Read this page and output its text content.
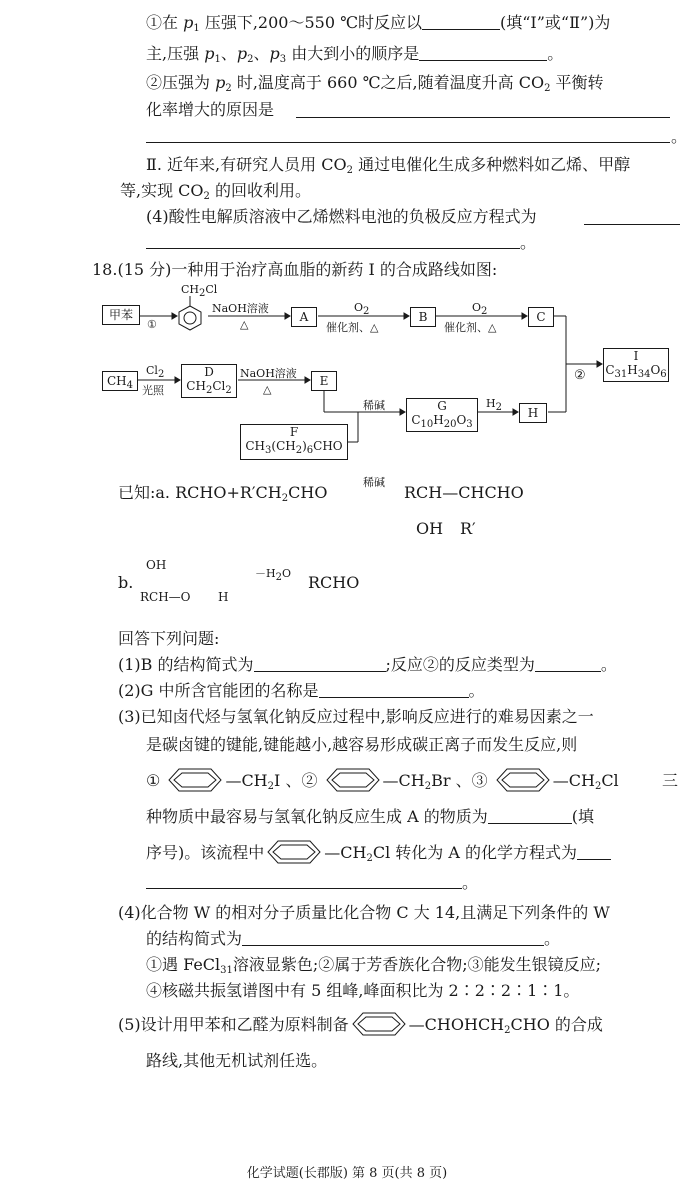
①在 $p_1$ 压强下,200～550 ℃时反应以	(填“Ⅰ”或“Ⅱ”)为
主,压强 $p_1$、$p_2$、$p_3$ 由大到小的顺序是	。
②压强为 $p_2$ 时,温度高于 660 ℃之后,随着温度升高 $CO_2$ 平衡转
化率增大的原因是
。
Ⅱ. 近年来,有研究人员用 $CO_2$ 通过电催化生成多种燃料如乙烯、甲醇
等,实现 $CO_2$ 的回收利用。
(4)酸性电解质溶液中乙烯燃料电池的负极反应方程式为
。
18.(15 分)一种用于治疗高血脂的新药 I 的合成路线如图:
甲苯
①
CH2Cl
NaOH溶液
△
A
O2
催化剂、△
B
O2
催化剂、△
C
$CH_4$
Cl2
光照
D
$CH_2Cl_2$
NaOH溶液
△
E
稀碱	G
$C_{10}H_{20}O_3$
H2	H
F
$CH_3(CH_2)_6CHO$
②
I
$C_{31}H_{34}O_6$
已知:a. $RCHO+R'CH_2CHO$
稀碱
RCH—CHCHO
OH R′
b.
OH
RCH—O H
－H2O RCHO
回答下列问题:
(1)B 的结构简式为	;反应②的反应类型为	。
(2)G 中所含官能团的名称是	。
(3)已知卤代烃与氢氧化钠反应过程中,影响反应进行的难易因素之一
是碳卤键的键能,键能越小,越容易形成碳正离子而发生反应,则
①	$—CH_2I$ 、②	$—CH_2Br$ 、③	$—CH_2Cl$	三
种物质中最容易与氢氧化钠反应生成 A 的物质为	(填
序号)。该流程中	$—CH_2Cl$ 转化为 A 的化学方程式为
。
(4)化合物 W 的相对分子质量比化合物 C 大 14,且满足下列条件的 W
的结构简式为	。
①遇 FeCl$_{31}$溶液显紫色;②属于芳香族化合物;③能发生银镜反应;
④核磁共振氢谱图中有 5 组峰,峰面积比为 2∶2∶2∶1∶1。
(5)设计用甲苯和乙醛为原料制备	$—CHOHCH_2CHO$ 的合成
路线,其他无机试剂任选。
化学试题(长郡版) 第 8 页(共 8 页)
